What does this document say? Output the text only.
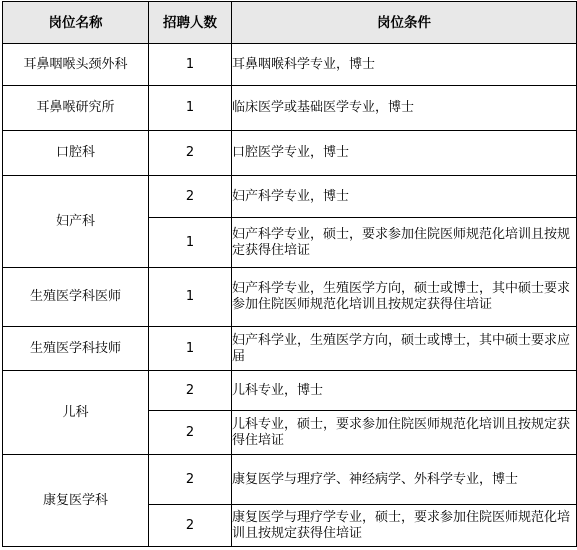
岗位名称	招聘人数	岗位条件
耳鼻咽喉头颈外科	1	耳鼻咽喉科学专业，博士
耳鼻喉研究所	1	临床医学或基础医学专业，博士
口腔科	2	口腔医学专业，博士
妇产科	2	妇产科学专业，博士
	1	妇产科学专业，硕士，要求参加住院医师规范化培训且按规定获得住培证
生殖医学科医师	1	妇产科学专业，生殖医学方向，硕士或博士，其中硕士要求参加住院医师规范化培训且按规定获得住培证
生殖医学科技师	1	妇产科学业，生殖医学方向，硕士或博士，其中硕士要求应届
儿科	2	儿科专业，博士
	2	儿科专业，硕士，要求参加住院医师规范化培训且按规定获得住培证
康复医学科	2	康复医学与理疗学、神经病学、外科学专业，博士
	2	康复医学与理疗学专业，硕士，要求参加住院医师规范化培训且按规定获得住培证
